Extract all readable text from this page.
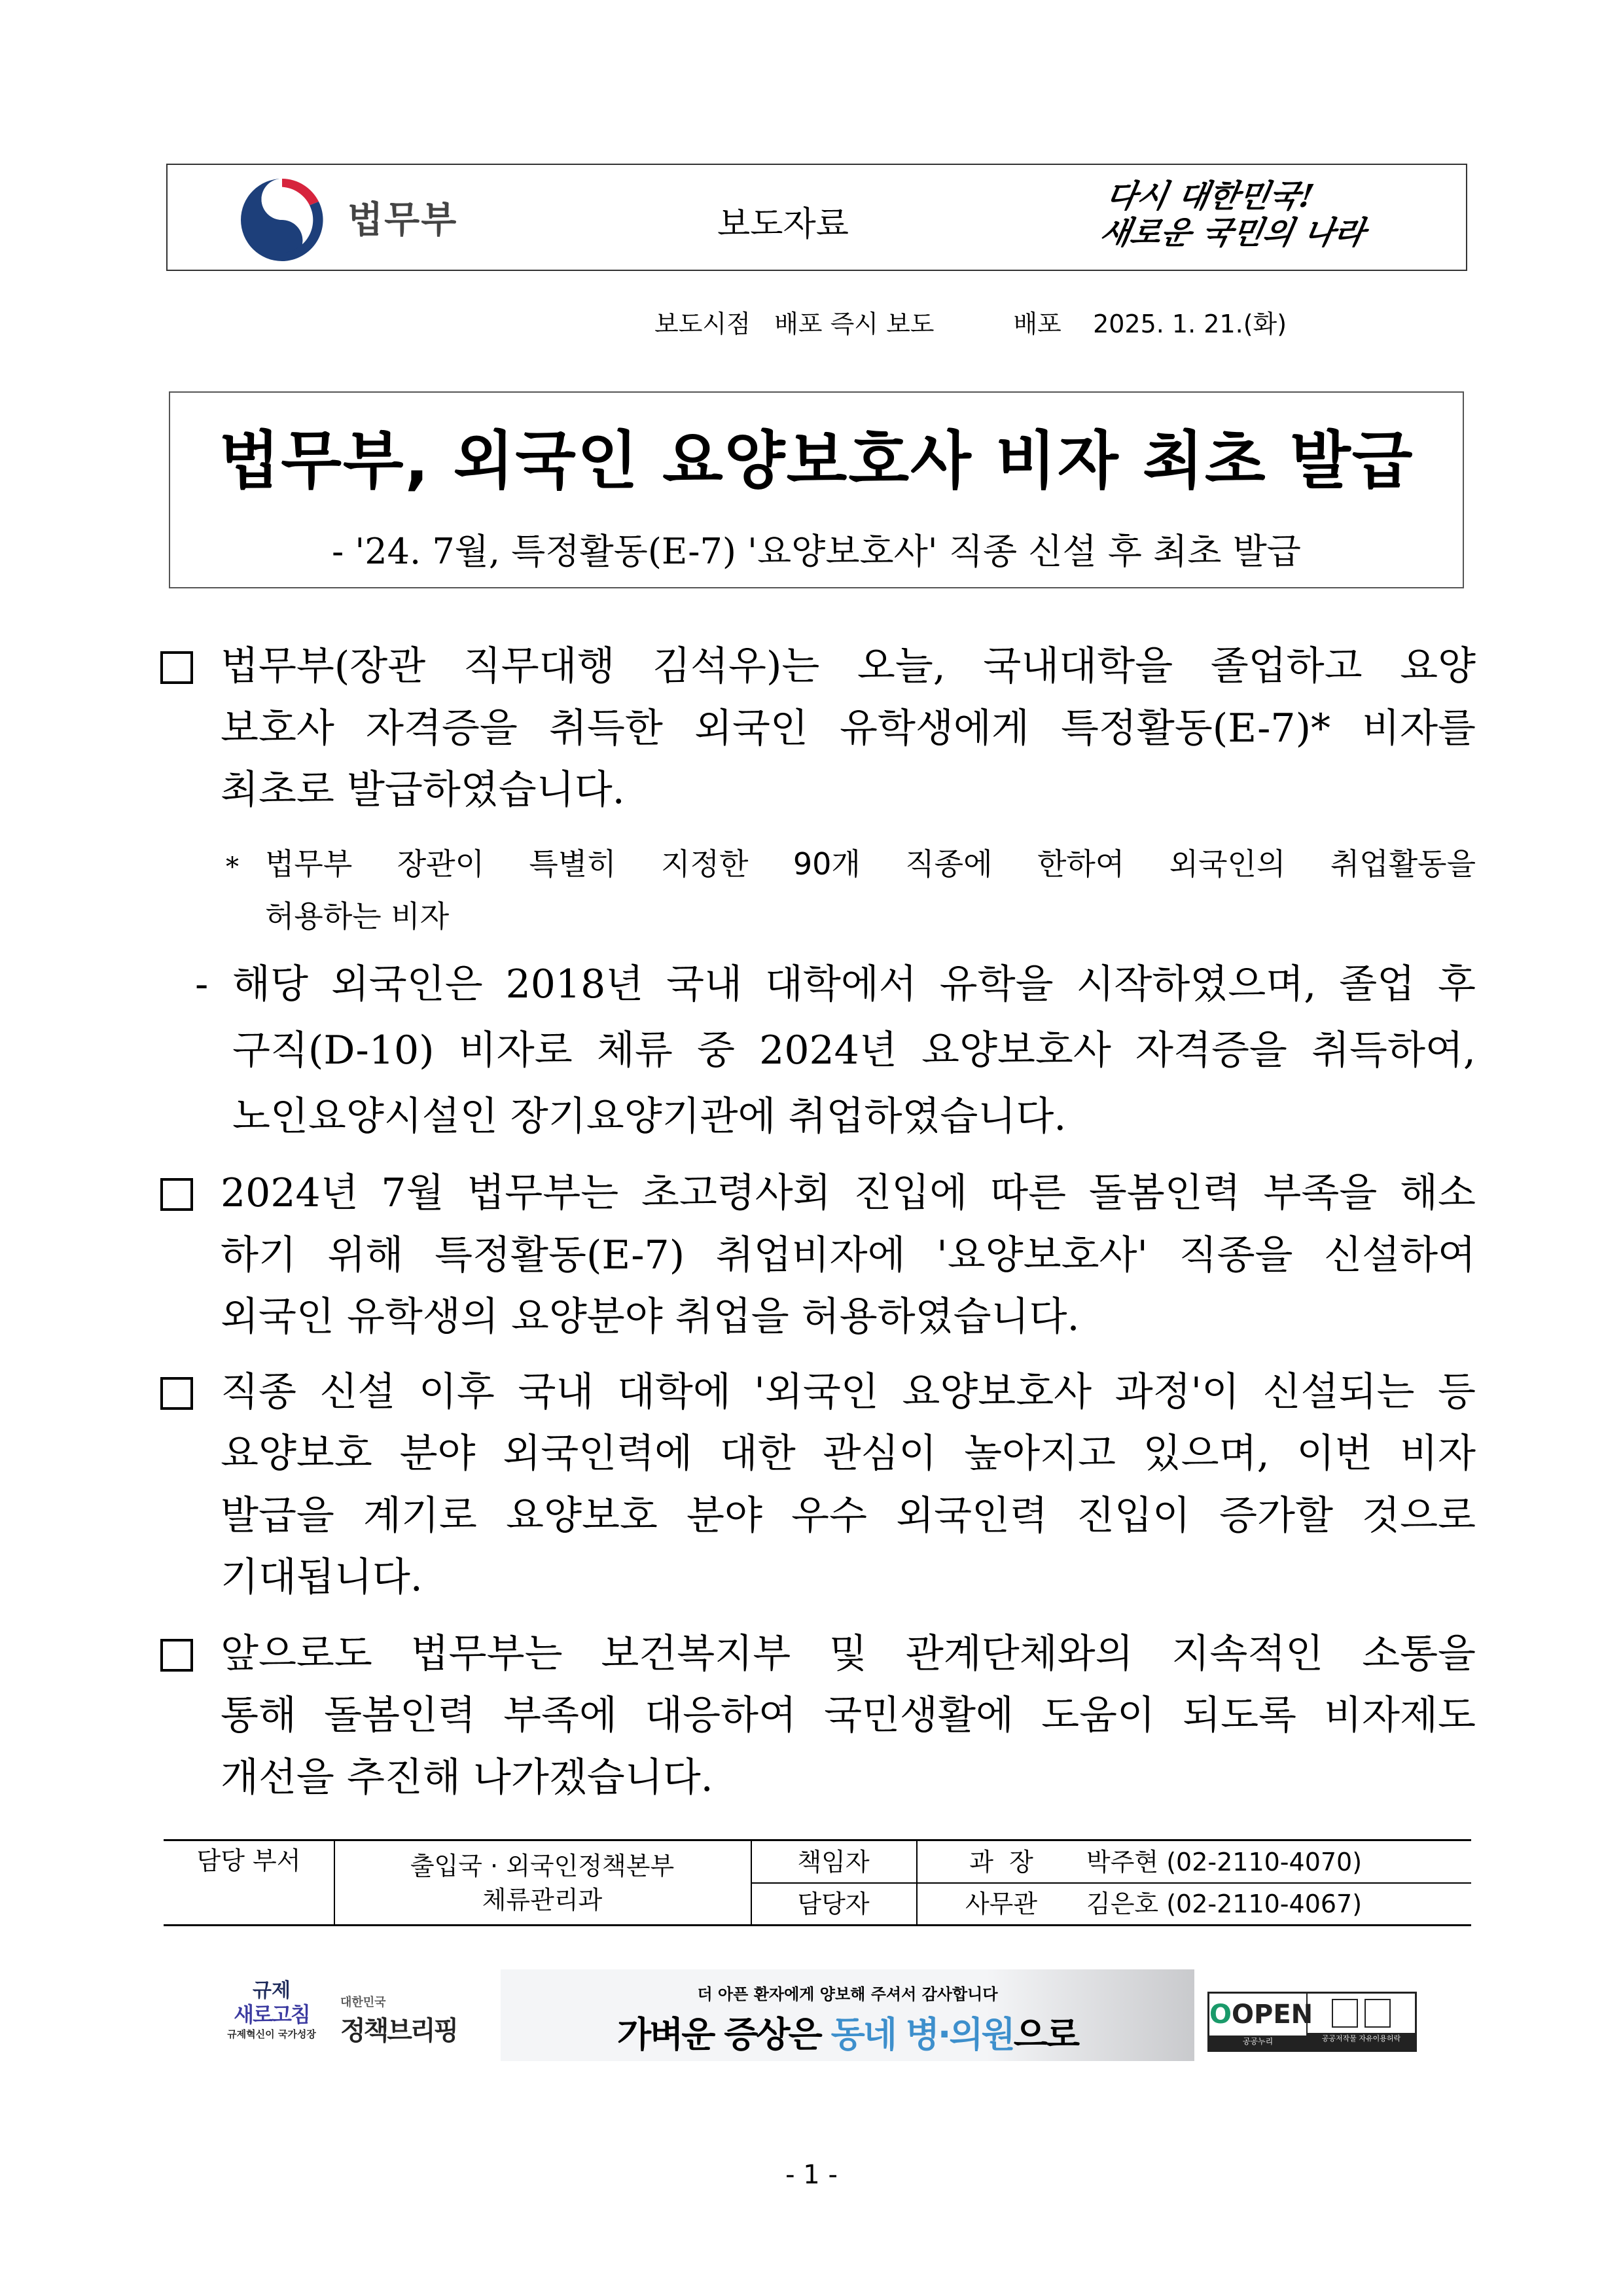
법무부	보도자료
다시 대한민국!
새로운 국민의 나라
보도시점 배포 즉시 보도	배포 2025. 1. 21.(화)
법무부, 외국인 요양보호사 비자 최초 발급
- '24. 7월, 특정활동(E-7) '요양보호사' 직종 신설 후 최초 발급
법무부(장관 직무대행 김석우)는 오늘, 국내대학을 졸업하고 요양
보호사 자격증을 취득한 외국인 유학생에게 특정활동(E-7)* 비자를
최초로 발급하였습니다.
* 법무부 장관이 특별히 지정한 90개 직종에 한하여 외국인의 취업활동을
허용하는 비자
- 해당 외국인은 2018년 국내 대학에서 유학을 시작하였으며, 졸업 후
구직(D-10) 비자로 체류 중 2024년 요양보호사 자격증을 취득하여,
노인요양시설인 장기요양기관에 취업하였습니다.
2024년 7월 법무부는 초고령사회 진입에 따른 돌봄인력 부족을 해소
하기 위해 특정활동(E-7) 취업비자에 '요양보호사' 직종을 신설하여
외국인 유학생의 요양분야 취업을 허용하였습니다.
직종 신설 이후 국내 대학에 '외국인 요양보호사 과정'이 신설되는 등
요양보호 분야 외국인력에 대한 관심이 높아지고 있으며, 이번 비자
발급을 계기로 요양보호 분야 우수 외국인력 진입이 증가할 것으로
기대됩니다.
앞으로도 법무부는 보건복지부 및 관계단체와의 지속적인 소통을
통해 돌봄인력 부족에 대응하여 국민생활에 도움이 되도록 비자제도
개선을 추진해 나가겠습니다.
담당 부서	출입국 · 외국인정책본부
체류관리과
책임자	과  장	박주현 (02-2110-4070)
담당자	사무관	김은호 (02-2110-4067)
규제
새로고침
규제혁신이 국가성장
대한민국
정책브리핑
더 아픈 환자에게 양보해 주셔서 감사합니다
가벼운 증상은 동네 병·의원으로	OOPEN
공공누리	공공저작물 자유이용허락
- 1 -
